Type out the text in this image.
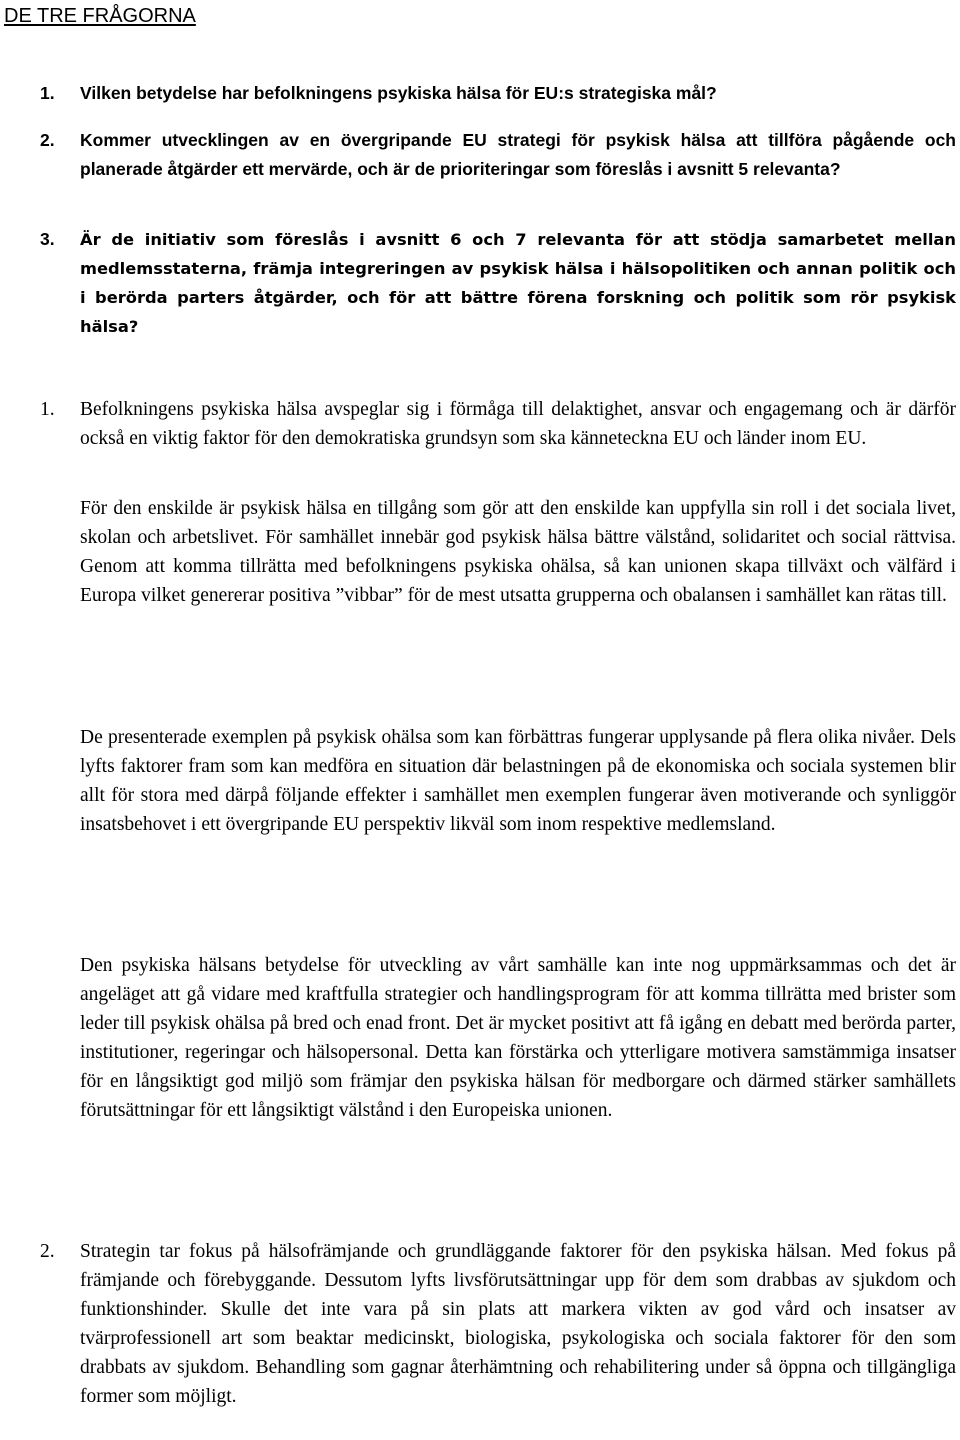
DE TRE FRÅGORNA
1.	Vilken betydelse har befolkningens psykiska hälsa för EU:s strategiska mål?
2.	Kommer utvecklingen av en övergripande EU strategi för psykisk hälsa att tillföra pågående och planerade åtgärder ett mervärde, och är de prioriteringar som föreslås i avsnitt 5 relevanta?
3.	Är de initiativ som föreslås i avsnitt 6 och 7 relevanta för att stödja samarbetet mellan medlemsstaterna, främja integreringen av psykisk hälsa i hälsopolitiken och annan politik och i berörda parters åtgärder, och för att bättre förena forskning och politik som rör psykisk hälsa?
1.	Befolkningens psykiska hälsa avspeglar sig i förmåga till delaktighet, ansvar och engagemang och är därför också en viktig faktor för den demokratiska grundsyn som ska känneteckna EU och länder inom EU.

För den enskilde är psykisk hälsa en tillgång som gör att den enskilde kan uppfylla sin roll i det sociala livet, skolan och arbetslivet. För samhället innebär god psykisk hälsa bättre välstånd, solidaritet och social rättvisa. Genom att komma tillrätta med befolkningens psykiska ohälsa, så kan unionen skapa tillväxt och välfärd i Europa vilket genererar positiva ”vibbar” för de mest utsatta grupperna och obalansen i samhället kan rätas till.

De presenterade exemplen på psykisk ohälsa som kan förbättras fungerar upplysande på flera olika nivåer. Dels lyfts faktorer fram som kan medföra en situation där belastningen på de ekonomiska och sociala systemen blir allt för stora med därpå följande effekter i samhället men exemplen fungerar även motiverande och synliggör insatsbehovet i ett övergripande EU perspektiv likväl som inom respektive medlemsland.

Den psykiska hälsans betydelse för utveckling av vårt samhälle kan inte nog uppmärksammas och det är angeläget att gå vidare med kraftfulla strategier och handlingsprogram för att komma tillrätta med brister som leder till psykisk ohälsa på bred och enad front. Det är mycket positivt att få igång en debatt med berörda parter, institutioner, regeringar och hälsopersonal. Detta kan förstärka och ytterligare motivera samstämmiga insatser för en långsiktigt god miljö som främjar den psykiska hälsan för medborgare och därmed stärker samhällets förutsättningar för ett långsiktigt välstånd i den Europeiska unionen.

2.	Strategin tar fokus på hälsofrämjande och grundläggande faktorer för den psykiska hälsan. Med fokus på främjande och förebyggande. Dessutom lyfts livsförutsättningar upp för dem som drabbas av sjukdom och funktionshinder. Skulle det inte vara på sin plats att markera vikten av god vård och insatser av tvärprofessionell art som beaktar medicinskt, biologiska, psykologiska och sociala faktorer för den som drabbats av sjukdom. Behandling som gagnar återhämtning och rehabilitering under så öppna och tillgängliga former som möjligt.
